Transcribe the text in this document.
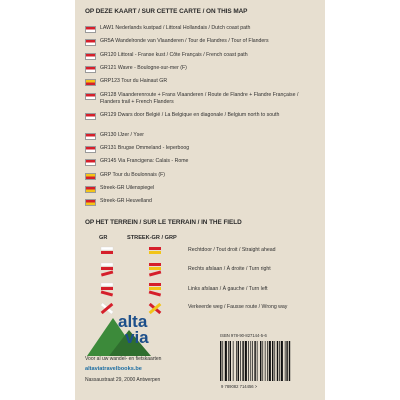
OP DEZE KAART / SUR CETTE CARTE / ON THIS MAP
LAW1 Nederlands kustpad / Littoral Hollandais / Dutch coast path
GR5A Wandelronde van Vlaanderen / Tour de Flandres / Tour of Flanders
GR120 Littoral - Franse kust / Côte Français / French coast path
GR121 Wavre - Boulogne-sur-mer (F)
GRP123 Tour du Hainaut GR
GR128 Vlaanderenroute + Frans Vlaanderen / Route de Flandre + Flandre Française / Flanders trail + French Flanders
GR129 Dwars door België / La Belgique en diagonale / Belgium north to south
GR130 IJzer / Yser
GR131 Brugse Ommeland - Ieperboog
GR145 Via Francigena: Calais - Rome
GRP Tour du Boulonnais (F)
Streek-GR Uilenspiegel
Streek-GR Heuvelland
OP HET TERREIN / SUR LE TERRAIN / IN THE FIELD
GR	STREEK-GR / GRP
Rechtdoor / Tout droit / Straight ahead
Rechts afslaan / À droite / Turn right
Links afslaan / À gauche / Turn left
Verkeerde weg / Fausse route / Wrong way
alta
via
Voor al uw wandel- en fietskaarten
altaviatravelbooks.be
Nassaustraat 29, 2000 Antwerpen
ISBN 978-90-827144-5-6
9 789082 714456 >
